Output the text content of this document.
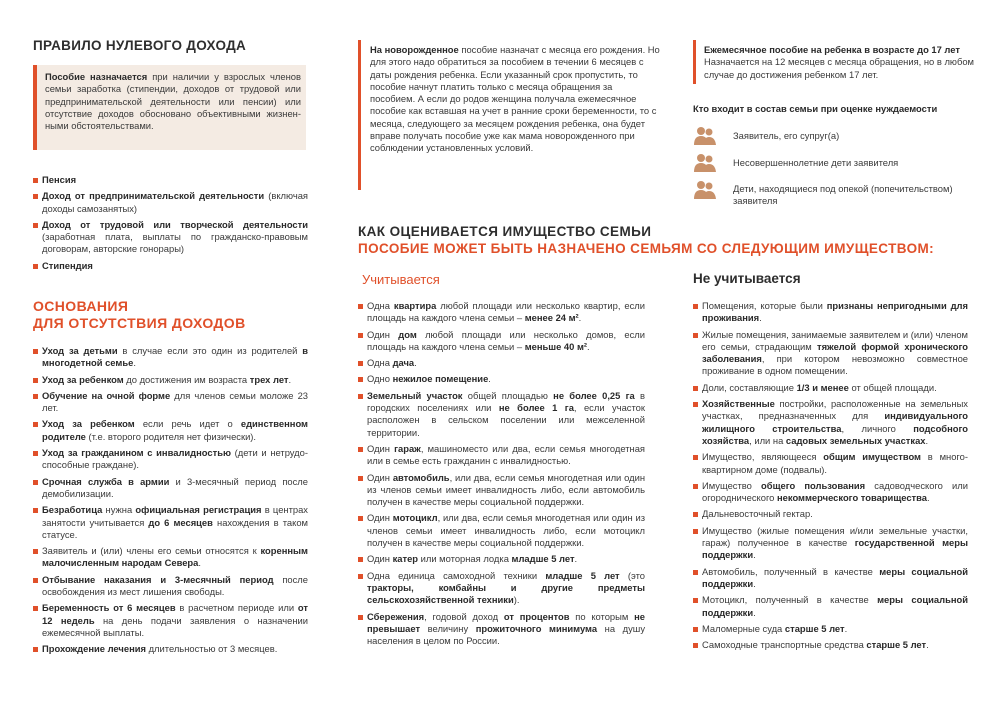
ПРАВИЛО НУЛЕВОГО ДОХОДА
Пособие назначается при наличии у взрослых членов семьи заработка (стипендии, доходов от трудовой или предпринимательской деятельности или пенсии) или отсутствие доходов обосновано объективными жизненными обстоятельствами.
Пенсия
Доход от предпринимательской деятельности (включая доходы самозанятых)
Доход от трудовой или творческой деятельности (заработная плата, выплаты по гражданско-правовым договорам, авторские гонорары)
Стипендия
ОСНОВАНИЯ
ДЛЯ ОТСУТСТВИЯ ДОХОДОВ
Уход за детьми в случае если это один из родителей в многодетной семье.
Уход за ребенком до достижения им возраста трех лет.
Обучение на очной форме для членов семьи моложе 23 лет.
Уход за ребенком если речь идет о единственном родителе (т.е. второго родителя нет физически).
Уход за гражданином с инвалидностью (дети и нетрудоспособные граждане).
Срочная служба в армии и 3-месячный период после демобилизации.
Безработица нужна официальная регистрация в центрах занятости учитывается до 6 месяцев нахождения в таком статусе.
Заявитель и (или) члены его семьи относятся к коренным малочисленным народам Севера.
Отбывание наказания и 3-месячный период после освобождения из мест лишения свободы.
Беременность от 6 месяцев в расчетном периоде или от 12 недель на день подачи заявления о назначении ежемесячной выплаты.
Прохождение лечения длительностью от 3 месяцев.
На новорожденное пособие назначат с месяца его рождения. Но для этого надо обратиться за пособием в течении 6 месяцев с даты рождения ребенка. Если указанный срок пропустить, то пособие начнут платить только с месяца обращения за пособием. А если до родов женщина получала ежемесячное пособие как вставшая на учет в ранние сроки беременности, то с месяца, следующего за месяцем рождения ребенка, она будет вправе получать пособие уже как мама новорожденного при соблюдении установленных условий.
Ежемесячное пособие на ребенка в возрасте до 17 лет
Назначается на 12 месяцев с месяца обращения, но в любом случае до достижения ребенком 17 лет.
Кто входит в состав семьи при оценке нуждаемости
Заявитель, его супруг(а)
Несовершеннолетние дети заявителя
Дети, находящиеся под опекой (попечительством) заявителя
КАК ОЦЕНИВАЕТСЯ ИМУЩЕСТВО СЕМЬИ
ПОСОБИЕ МОЖЕТ БЫТЬ НАЗНАЧЕНО СЕМЬЯМ СО СЛЕДУЮЩИМ ИМУЩЕСТВОМ:
Учитывается	Не учитывается
Одна квартира любой площади или несколько квартир, если площадь на каждого члена семьи – менее 24 м².
Один дом любой площади или несколько домов, если площадь на каждого члена семьи – меньше 40 м².
Одна дача.
Одно нежилое помещение.
Земельный участок общей площадью не более 0,25 га в городских поселениях или не более 1 га, если участок расположен в сельском поселении или межселенной территории.
Один гараж, машиноместо или два, если семья многодетная или в семье есть гражданин с инвалидностью.
Один автомобиль, или два, если семья многодетная или один из членов семьи имеет инвалидность либо, если автомобиль получен в качестве меры социальной поддержки.
Один мотоцикл, или два, если семья многодетная или один из членов семьи имеет инвалидность либо, если мотоцикл получен в качестве меры социальной поддержки.
Один катер или моторная лодка младше 5 лет.
Одна единица самоходной техники младше 5 лет (это тракторы, комбайны и другие предметы сельскохозяйственной техники).
Сбережения, годовой доход от процентов по которым не превышает величину прожиточного минимума на душу населения в целом по России.
Помещения, которые были признаны непригодными для проживания.
Жилые помещения, занимаемые заявителем и (или) членом его семьи, страдающим тяжелой формой хронического заболевания, при котором невозможно совместное проживание в одном помещении.
Доли, составляющие 1/3 и менее от общей площади.
Хозяйственные постройки, расположенные на земельных участках, предназначенных для индивидуального жилищного строительства, личного подсобного хозяйства, или на садовых земельных участках.
Имущество, являющееся общим имуществом в многоквартирном доме (подвалы).
Имущество общего пользования садоводческого или огороднического некоммерческого товарищества.
Дальневосточный гектар.
Имущество (жилые помещения и/или земельные участки, гараж) полученное в качестве государственной меры поддержки.
Автомобиль, полученный в качестве меры социальной поддержки.
Мотоцикл, полученный в качестве меры социальной поддержки.
Маломерные суда старше 5 лет.
Самоходные транспортные средства старше 5 лет.
